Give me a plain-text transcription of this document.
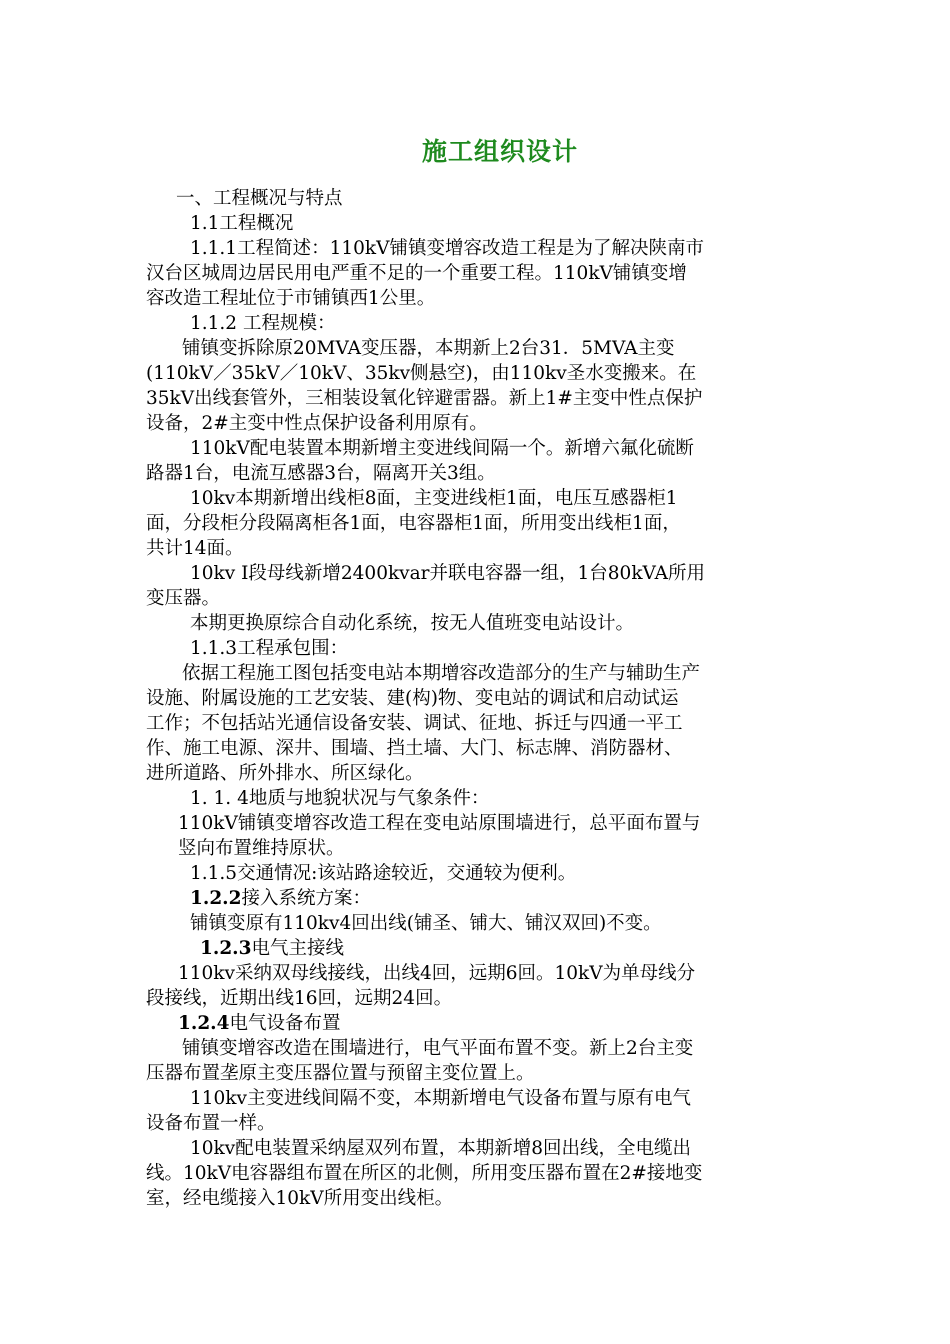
施工组织设计

一、工程概况与特点

1.1工程概况

1.1.1工程简述：110kV铺镇变增容改造工程是为了解决陕南市

汉台区城周边居民用电严重不足的一个重要工程。110kV铺镇变增

容改造工程址位于市铺镇西1公里。

1.1.2 工程规模：

铺镇变拆除原20MVA变压器，本期新上2台31．5MVA主变

(110kV／35kV／10kV、35kv侧悬空)，由110kv圣水变搬来。在

35kV出线套管外，三相装设氧化锌避雷器。新上1#主变中性点保护

设备，2#主变中性点保护设备利用原有。

110kV配电装置本期新增主变进线间隔一个。新增六氟化硫断

路器1台，电流互感器3台，隔离开关3组。

10kv本期新增出线柜8面，主变进线柜1面，电压互感器柜1

面，分段柜分段隔离柜各1面，电容器柜1面，所用变出线柜1面，

共计14面。

10kv Ⅰ段母线新增2400kvar并联电容器一组，1台80kVA所用

变压器。

本期更换原综合自动化系统，按无人值班变电站设计。

1.1.3工程承包围：

依据工程施工图包括变电站本期增容改造部分的生产与辅助生产

设施、附属设施的工艺安装、建(构)物、变电站的调试和启动试运

工作；不包括站光通信设备安装、调试、征地、拆迁与四通一平工

作、施工电源、深井、围墙、挡土墙、大门、标志牌、消防器材、

进所道路、所外排水、所区绿化。

1. 1. 4地质与地貌状况与气象条件：

110kV铺镇变增容改造工程在变电站原围墙进行，总平面布置与

竖向布置维持原状。

1.1.5交通情况:该站路途较近，交通较为便利。

1.2.2接入系统方案：

铺镇变原有110kv4回出线(铺圣、铺大、铺汉双回)不变。

1.2.3电气主接线

110kv采纳双母线接线，出线4回，远期6回。10kV为单母线分

段接线，近期出线16回，远期24回。

1.2.4电气设备布置

铺镇变增容改造在围墙进行，电气平面布置不变。新上2台主变

压器布置垄原主变压器位置与预留主变位置上。

110kv主变进线间隔不变，本期新增电气设备布置与原有电气

设备布置一样。

10kv配电装置采纳屋双列布置，本期新增8回出线，全电缆出

线。10kV电容器组布置在所区的北侧，所用变压器布置在2#接地变

室，经电缆接入10kV所用变出线柜。
